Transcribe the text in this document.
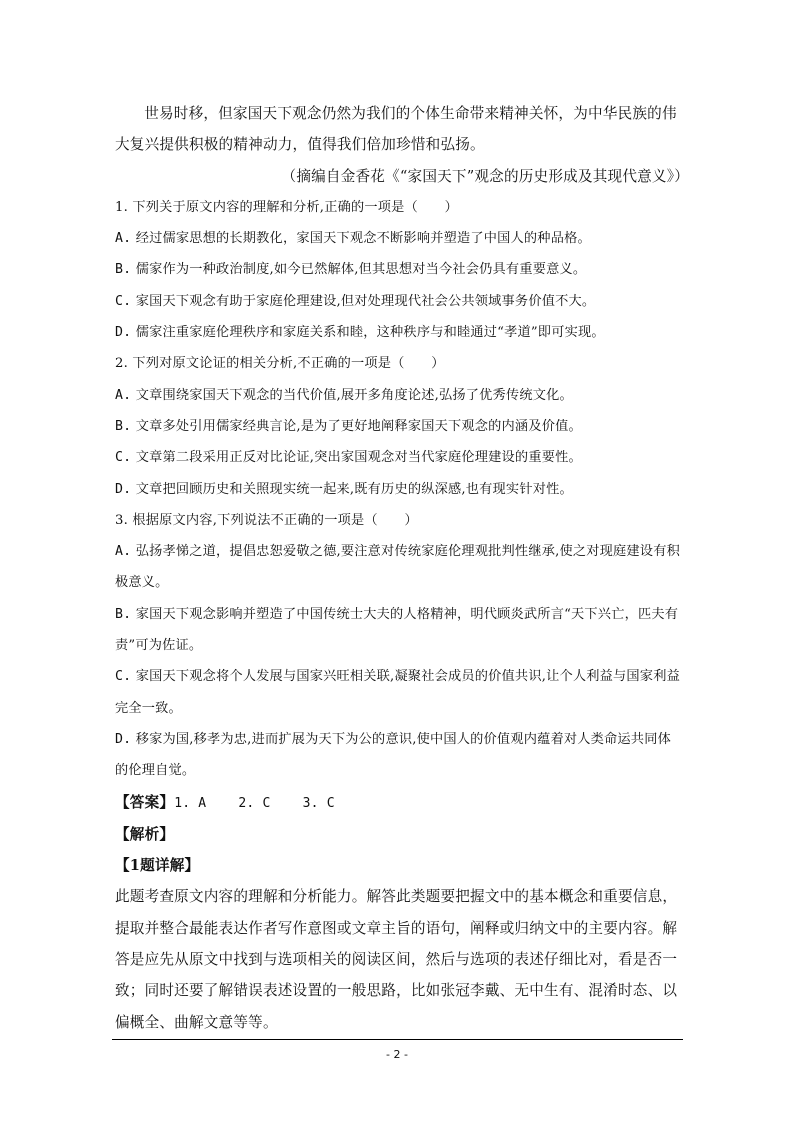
世易时移，但家国天下观念仍然为我们的个体生命带来精神关怀，为中华民族的伟大复兴提供积极的精神动力，值得我们倍加珍惜和弘扬。

（摘编自金香花《“家国天下”观念的历史形成及其现代意义》）

1. 下列关于原文内容的理解和分析,正确的一项是（　　）

A. 经过儒家思想的长期教化，家国天下观念不断影响并塑造了中国人的种品格。

B. 儒家作为一种政治制度,如今已然解体,但其思想对当今社会仍具有重要意义。

C. 家国天下观念有助于家庭伦理建设,但对处理现代社会公共领域事务价值不大。

D. 儒家注重家庭伦理秩序和家庭关系和睦，这种秩序与和睦通过“孝道”即可实现。

2. 下列对原文论证的相关分析,不正确的一项是（　　）

A. 文章围绕家国天下观念的当代价值,展开多角度论述,弘扬了优秀传统文化。

B. 文章多处引用儒家经典言论,是为了更好地阐释家国天下观念的内涵及价值。

C. 文章第二段采用正反对比论证,突出家国观念对当代家庭伦理建设的重要性。

D. 文章把回顾历史和关照现实统一起来,既有历史的纵深感,也有现实针对性。

3. 根据原文内容,下列说法不正确的一项是（　　）

A. 弘扬孝悌之道，提倡忠恕爱敬之德,要注意对传统家庭伦理观批判性继承,使之对现庭建设有积极意义。

B. 家国天下观念影响并塑造了中国传统士大夫的人格精神，明代顾炎武所言“天下兴亡，匹夫有责”可为佐证。

C. 家国天下观念将个人发展与国家兴旺相关联,凝聚社会成员的价值共识,让个人利益与国家利益完全一致。

D. 移家为国,移孝为忠,进而扩展为天下为公的意识,使中国人的价值观内蕴着对人类命运共同体的伦理自觉。

【答案】1. A    2. C    3. C

【解析】

【1题详解】

此题考查原文内容的理解和分析能力。解答此类题要把握文中的基本概念和重要信息，提取并整合最能表达作者写作意图或文章主旨的语句，阐释或归纳文中的主要内容。解答是应先从原文中找到与选项相关的阅读区间，然后与选项的表述仔细比对，看是否一致；同时还要了解错误表述设置的一般思路，比如张冠李戴、无中生有、混淆时态、以偏概全、曲解文意等等。

- 2 -
